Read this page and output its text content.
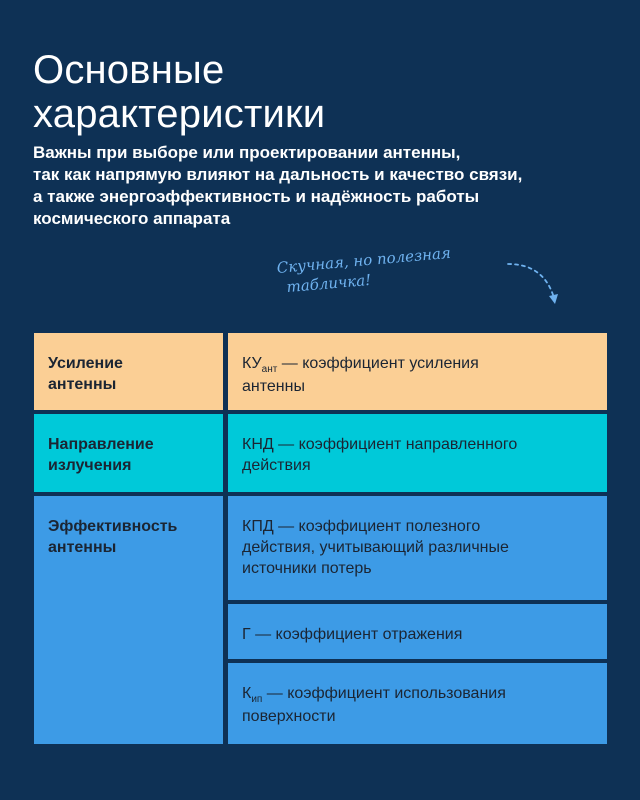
Основные
характеристики

Важны при выборе или проектировании антенны,
так как напрямую влияют на дальность и качество связи,
а также энергоэффективность и надёжность работы
космического аппарата

Скучная, но полезная
табличка!
Усиление
антенны
$КУ_{ант}$ — коэффициент усиления
антенны
Направление
излучения
КНД — коэффициент направленного
действия
Эффективность
антенны
КПД — коэффициент полезного
действия, учитывающий различные
источники потерь
Г — коэффициент отражения
$К_{ип}$ — коэффициент использования
поверхности
